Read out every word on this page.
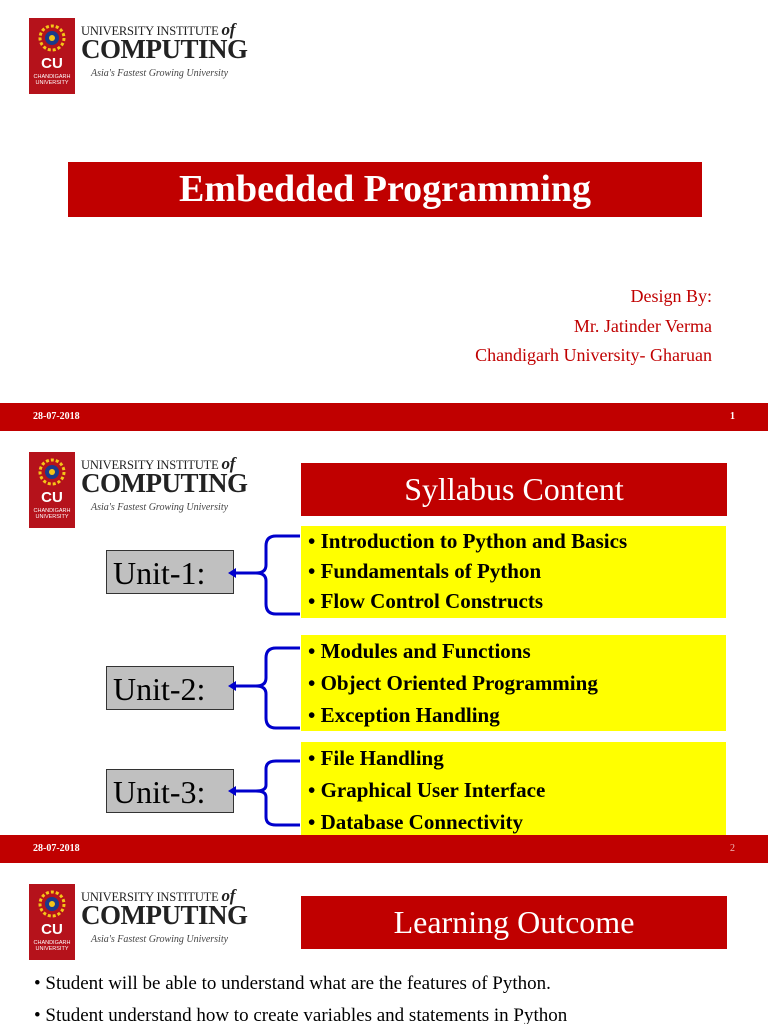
CU
CHANDIGARH
UNIVERSITY
UNIVERSITY INSTITUTE of
COMPUTING
Asia's Fastest Growing University
Embedded Programming
Design By:
Mr. Jatinder Verma
Chandigarh University- Gharuan
28-07-2018	1
CU
CHANDIGARH
UNIVERSITY
UNIVERSITY INSTITUTE of
COMPUTING
Asia's Fastest Growing University
Syllabus Content
Unit-1:
• Introduction to Python and Basics
• Fundamentals of Python
• Flow Control Constructs
Unit-2:
• Modules and Functions
• Object Oriented Programming
• Exception Handling
Unit-3:
• File Handling
• Graphical User Interface
• Database Connectivity
28-07-2018	2
CU
CHANDIGARH
UNIVERSITY
UNIVERSITY INSTITUTE of
COMPUTING
Asia's Fastest Growing University	Learning Outcome
• Student will be able to understand what are the features of Python.
• Student understand how to create variables and statements in Python
